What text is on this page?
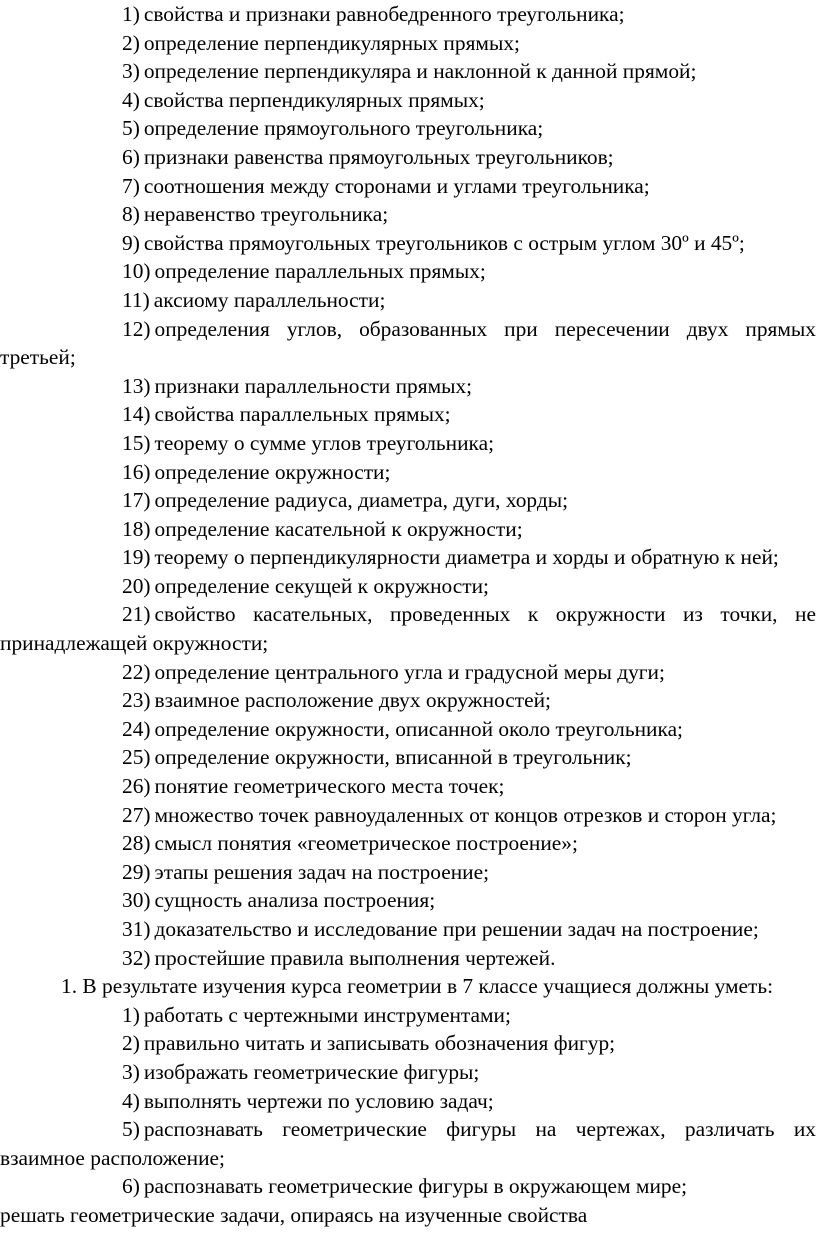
1) свойства и признаки равнобедренного треугольника;

2) определение перпендикулярных прямых;

3) определение перпендикуляра и наклонной к данной прямой;

4) свойства перпендикулярных прямых;

5) определение прямоугольного треугольника;

6) признаки равенства прямоугольных треугольников;

7) соотношения между сторонами и углами треугольника;

8) неравенство треугольника;

9) свойства прямоугольных треугольников с острым углом 30º и 45º;

10) определение параллельных прямых;

11) аксиому параллельности;

12) определения углов, образованных при пересечении двух прямых третьей;

13) признаки параллельности прямых;

14) свойства параллельных прямых;

15) теорему о сумме углов треугольника;

16) определение окружности;

17) определение радиуса, диаметра, дуги, хорды;

18) определение касательной к окружности;

19) теорему о перпендикулярности диаметра и хорды и обратную к ней;

20) определение секущей к окружности;

21) свойство касательных, проведенных к окружности из точки, не принадлежащей окружности;

22) определение центрального угла и градусной меры дуги;

23) взаимное расположение двух окружностей;

24) определение окружности, описанной около треугольника;

25) определение окружности, вписанной в треугольник;

26) понятие геометрического места точек;

27) множество точек равноудаленных от концов отрезков и сторон угла;

28) смысл понятия «геометрическое построение»;

29) этапы решения задач на построение;

30) сущность анализа построения;

31) доказательство и исследование при решении задач на построение;

32) простейшие правила выполнения чертежей.

1. В результате изучения курса геометрии в 7 классе учащиеся должны уметь:

1) работать с чертежными инструментами;

2) правильно читать и записывать обозначения фигур;

3) изображать геометрические фигуры;

4) выполнять чертежи по условию задач;

5) распознавать геометрические фигуры на чертежах, различать их взаимное расположение;

6) распознавать геометрические фигуры в окружающем мире;

решать геометрические задачи, опираясь на изученные свойства
